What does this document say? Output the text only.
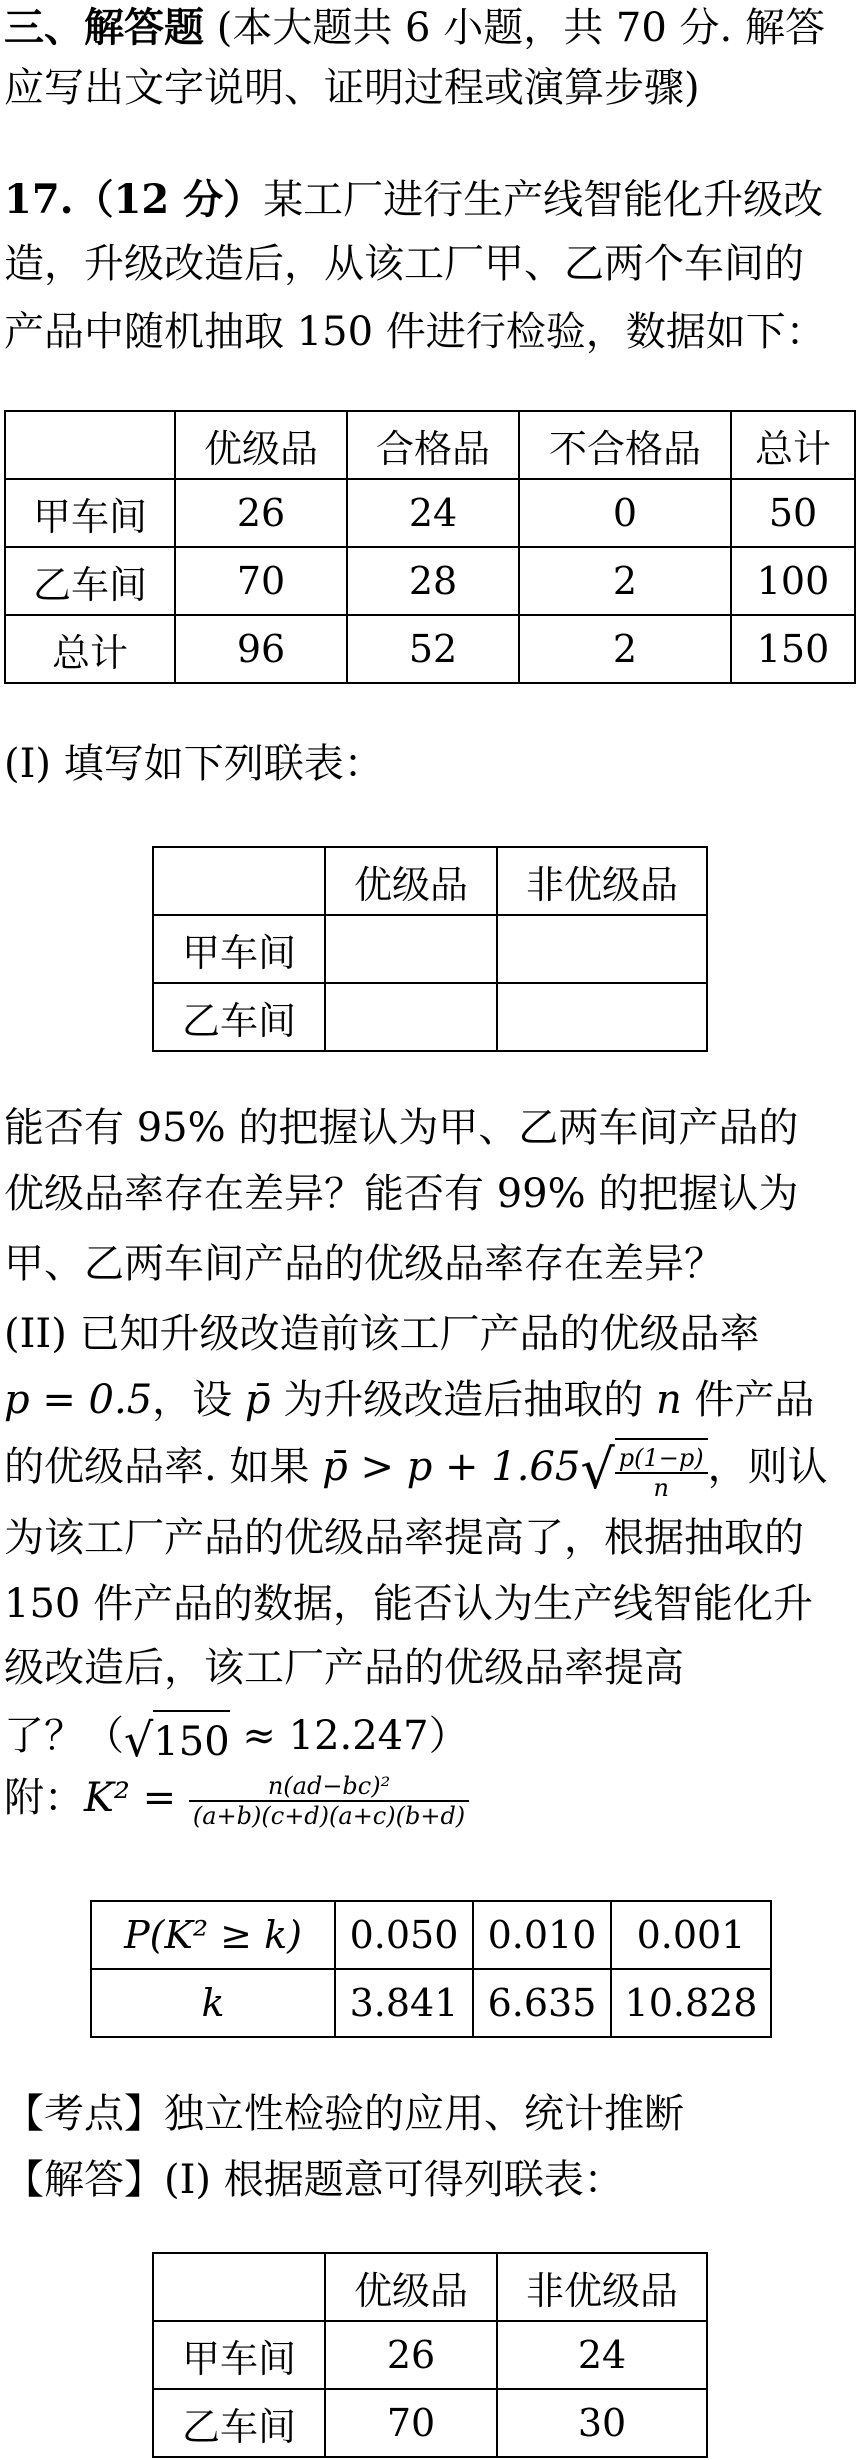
三、解答题 (本大题共 6 小题，共 70 分. 解答
应写出文字说明、证明过程或演算步骤)
17.（12 分）某工厂进行生产线智能化升级改
造，升级改造后，从该工厂甲、乙两个车间的
产品中随机抽取 150 件进行检验，数据如下：
	优级品	合格品	不合格品	总计
甲车间	26	24	0	50
乙车间	70	28	2	100
总计	96	52	2	150
(I) 填写如下列联表：
	优级品	非优级品
甲车间		
乙车间		
能否有 95% 的把握认为甲、乙两车间产品的
优级品率存在差异？能否有 99% 的把握认为
甲、乙两车间产品的优级品率存在差异？
(II) 已知升级改造前该工厂产品的优级品率
p = 0.5，设 p̄ 为升级改造后抽取的 n 件产品
的优级品率. 如果 p̄ > $p + 1.65√ \frac{p(1-p)}{n}$ ，则认
为该工厂产品的优级品率提高了，根据抽取的
150 件产品的数据，能否认为生产线智能化升
级改造后，该工厂产品的优级品率提高
了？（√150 ≈ 12.247）
附：$K^2 = \frac{\text{n(ad−bc)²}}{(a+b)(c+d)(a+c)(b+d)}$
P(K² ≥ k)	0.050	0.010	0.001
k	3.841	6.635	10.828
【考点】独立性检验的应用、统计推断
【解答】(I) 根据题意可得列联表：
	优级品	非优级品
甲车间	26	24
乙车间	70	30
